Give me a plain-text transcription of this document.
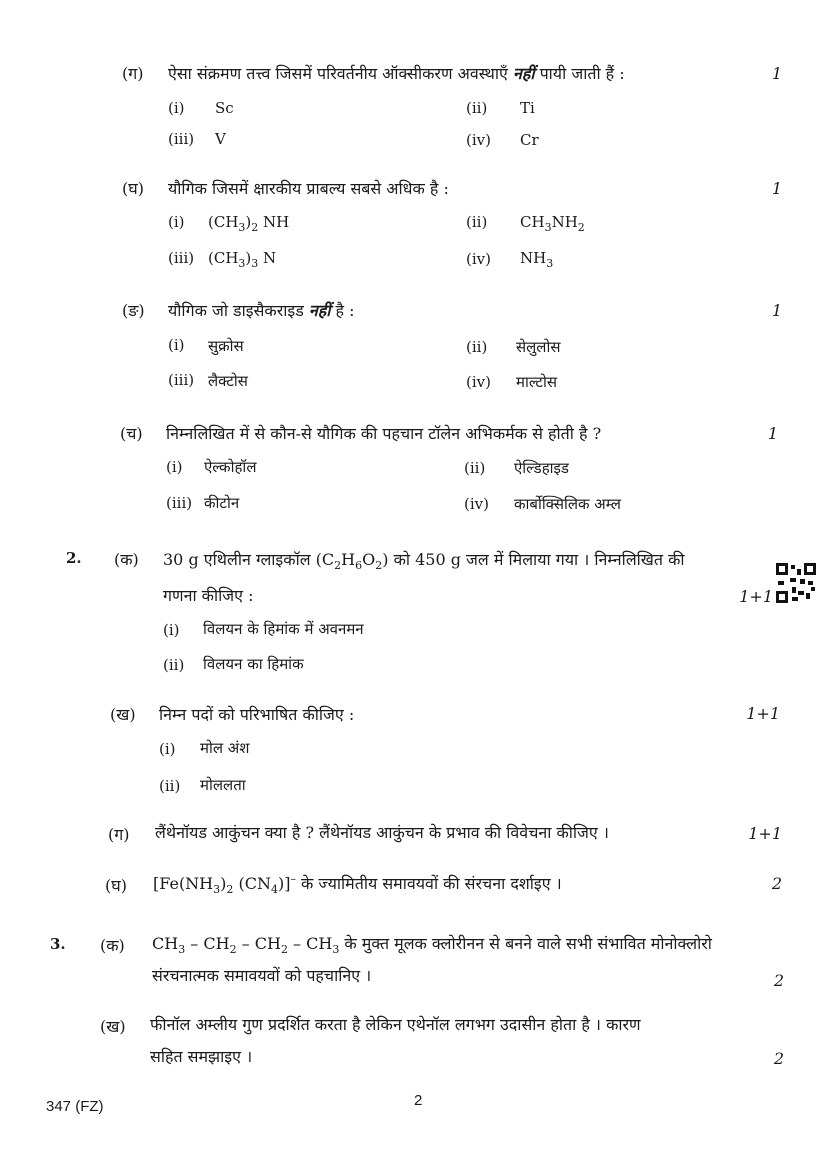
(ग) ऐसा संक्रमण तत्त्व जिसमें परिवर्तनीय ऑक्सीकरण अवस्थाएँ नहीं पायी जाती हैं :	1
(i) Sc	(ii) Ti
(iii) V	(iv) Cr
(घ) यौगिक जिसमें क्षारकीय प्राबल्य सबसे अधिक है :	1
(i) $(CH_3)_2$ NH	(ii) $CH_3NH_2$
(iii) $(CH_3)_3$ N	(iv) $NH_3$
(ङ) यौगिक जो डाइसैकराइड नहीं है :	1
(i) सुक्रोस	(ii) सेलुलोस
(iii) लैक्टोस	(iv) माल्टोस
(च) निम्नलिखित में से कौन-से यौगिक की पहचान टॉलेन अभिकर्मक से होती है ?	1
(i) ऐल्कोहॉल	(ii) ऐल्डिहाइड
(iii) कीटोन	(iv) कार्बोक्सिलिक अम्ल
2. (क) 30 g एथिलीन ग्लाइकॉल $(C_2H_6O_2)$ को 450 g जल में मिलाया गया । निम्नलिखित की
गणना कीजिए :	1+1
(i) विलयन के हिमांक में अवनमन
(ii) विलयन का हिमांक
(ख) निम्न पदों को परिभाषित कीजिए :	1+1
(i) मोल अंश
(ii) मोललता
(ग) लैंथेनॉयड आकुंचन क्या है ? लैंथेनॉयड आकुंचन के प्रभाव की विवेचना कीजिए ।	1+1
(घ) [$Fe(NH_3)_2$ $(CN_4)]^-$ के ज्यामितीय समावयवों की संरचना दर्शाइए ।	2
3. (क) $CH_3 - CH_2 - CH_2 - CH_3$ के मुक्त मूलक क्लोरीनन से बनने वाले सभी संभावित मोनोक्लोरो
संरचनात्मक समावयवों को पहचानिए ।	2
(ख) फीनॉल अम्लीय गुण प्रदर्शित करता है लेकिन एथेनॉल लगभग उदासीन होता है । कारण
सहित समझाइए ।	2
347 (FZ)	2
